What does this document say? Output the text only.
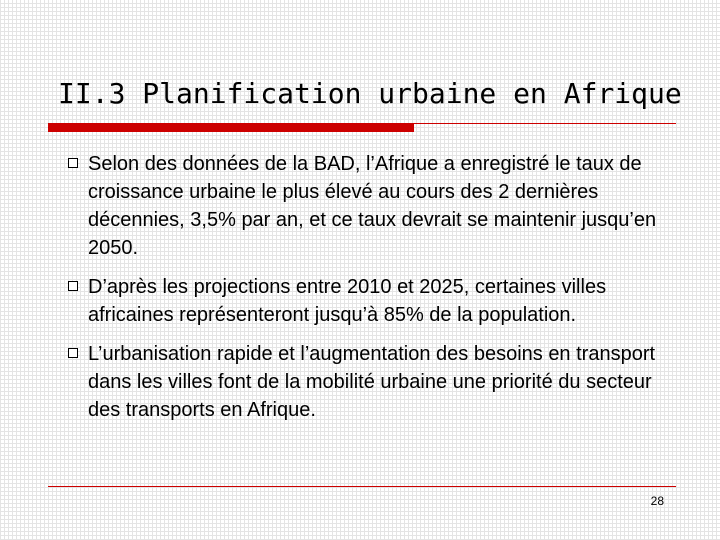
II.3 Planification urbaine en Afrique
Selon des données de la BAD, l’Afrique a enregistré le taux de croissance urbaine le plus élevé au cours des 2 dernières décennies, 3,5% par an, et ce taux devrait se maintenir jusqu’en 2050.
D’après les projections entre 2010 et 2025, certaines villes africaines représenteront jusqu’à 85% de la population.
L’urbanisation rapide et l’augmentation des besoins en transport dans les villes font de la mobilité urbaine une priorité du secteur des transports en Afrique.
28
